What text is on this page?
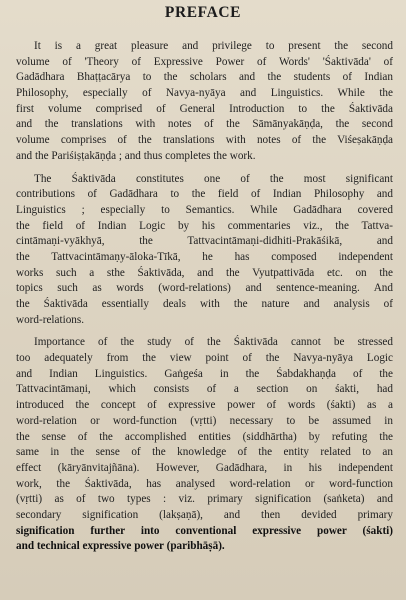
PREFACE
It is a great pleasure and privilege to present the second
volume of 'Theory of Expressive Power of Words' 'Śaktivāda' of
Gadādhara Bhaṭṭacārya to the scholars and the students of Indian
Philosophy, especially of Navya-nyāya and Linguistics. While the
first volume comprised of General Introduction to the Śaktivāda
and the translations with notes of the Sāmānyakāṇḍa, the second
volume comprises of the translations with notes of the Viśeṣakāṇḍa
and the Pariśiṣṭakāṇḍa ; and thus completes the work.
The Śaktivāda constitutes one of the most significant
contributions of Gadādhara to the field of Indian Philosophy and
Linguistics ; especially to Semantics. While Gadādhara covered
the field of Indian Logic by his commentaries viz., the Tattva-
cintāmaṇi-vyākhyā, the Tattvacintāmaṇi-didhiti-Prakāśikā, and
the Tattvacintāmaṇy-āloka-Tīkā, he has composed independent
works such a sthe Śaktivāda, and the Vyutpattivāda etc. on the
topics such as words (word-relations) and sentence-meaning. And
the Śaktivāda essentially deals with the nature and analysis of
word-relations.
Importance of the study of the Śaktivāda cannot be stressed
too adequately from the view point of the Navya-nyāya Logic
and Indian Linguistics. Gaṅgeśa in the Śabdakhaṇḍa of the
Tattvacintāmaṇi, which consists of a section on śakti, had
introduced the concept of expressive power of words (śakti) as a
word-relation or word-function (vṛtti) necessary to be assumed in
the sense of the accomplished entities (siddhārtha) by refuting the
same in the sense of the knowledge of the entity related to an
effect (kāryānvitajñāna). However, Gadādhara, in his independent
work, the Śaktivāda, has analysed word-relation or word-function
(vṛtti) as of two types : viz. primary signification (saṅketa) and
secondary signification (lakṣaṇā), and then devided primary
signification further into conventional expressive power (śakti)
and technical expressive power (paribhāṣā).
